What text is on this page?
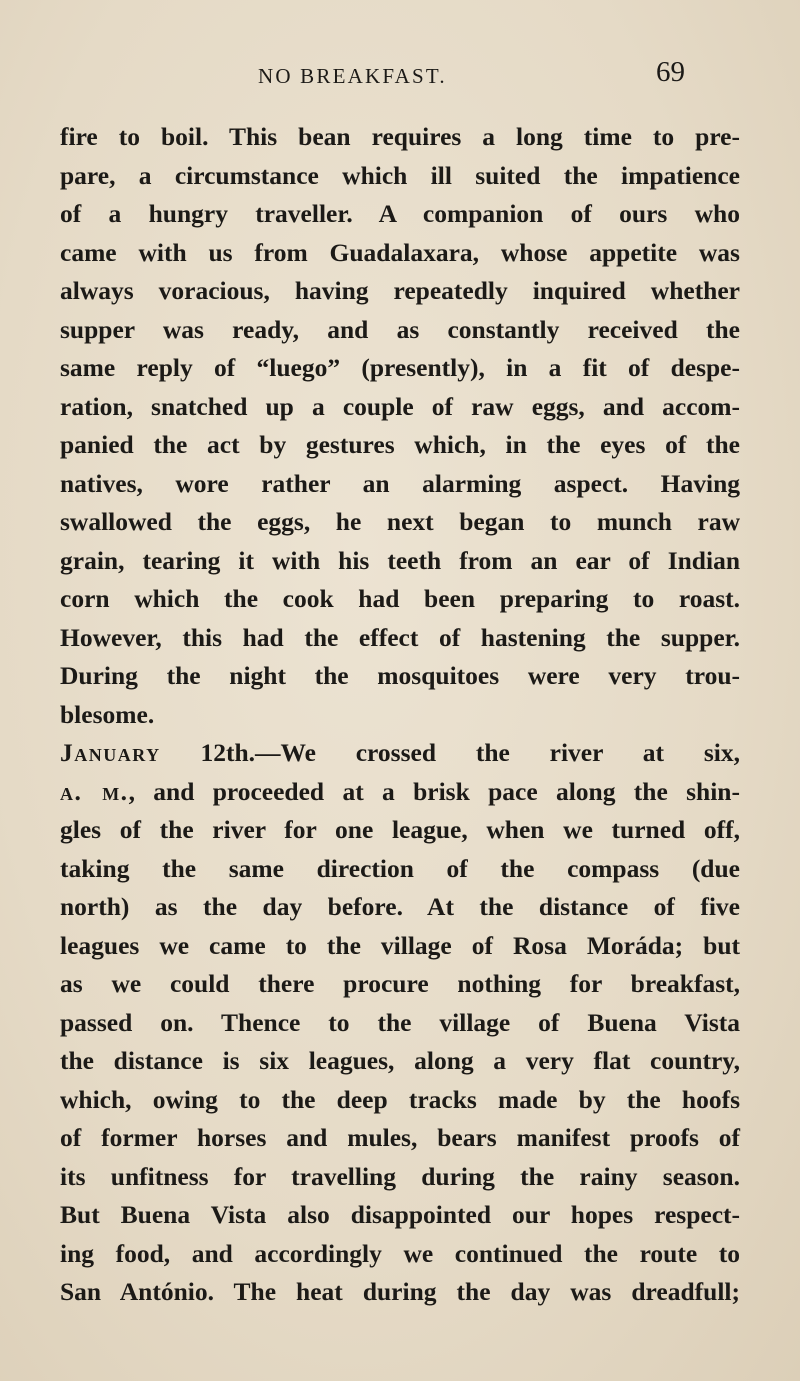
NO BREAKFAST.	69
fire to boil. This bean requires a long time to pre-
pare, a circumstance which ill suited the impatience
of a hungry traveller. A companion of ours who
came with us from Guadalaxara, whose appetite was
always voracious, having repeatedly inquired whether
supper was ready, and as constantly received the
same reply of “luego” (presently), in a fit of despe-
ration, snatched up a couple of raw eggs, and accom-
panied the act by gestures which, in the eyes of the
natives, wore rather an alarming aspect. Having
swallowed the eggs, he next began to munch raw
grain, tearing it with his teeth from an ear of Indian
corn which the cook had been preparing to roast.
However, this had the effect of hastening the supper.
During the night the mosquitoes were very trou-
blesome.
January 12th.—We crossed the river at six,
a. m., and proceeded at a brisk pace along the shin-
gles of the river for one league, when we turned off,
taking the same direction of the compass (due
north) as the day before. At the distance of five
leagues we came to the village of Rosa Moráda; but
as we could there procure nothing for breakfast,
passed on. Thence to the village of Buena Vista
the distance is six leagues, along a very flat country,
which, owing to the deep tracks made by the hoofs
of former horses and mules, bears manifest proofs of
its unfitness for travelling during the rainy season.
But Buena Vista also disappointed our hopes respect-
ing food, and accordingly we continued the route to
San António. The heat during the day was dreadfull;
